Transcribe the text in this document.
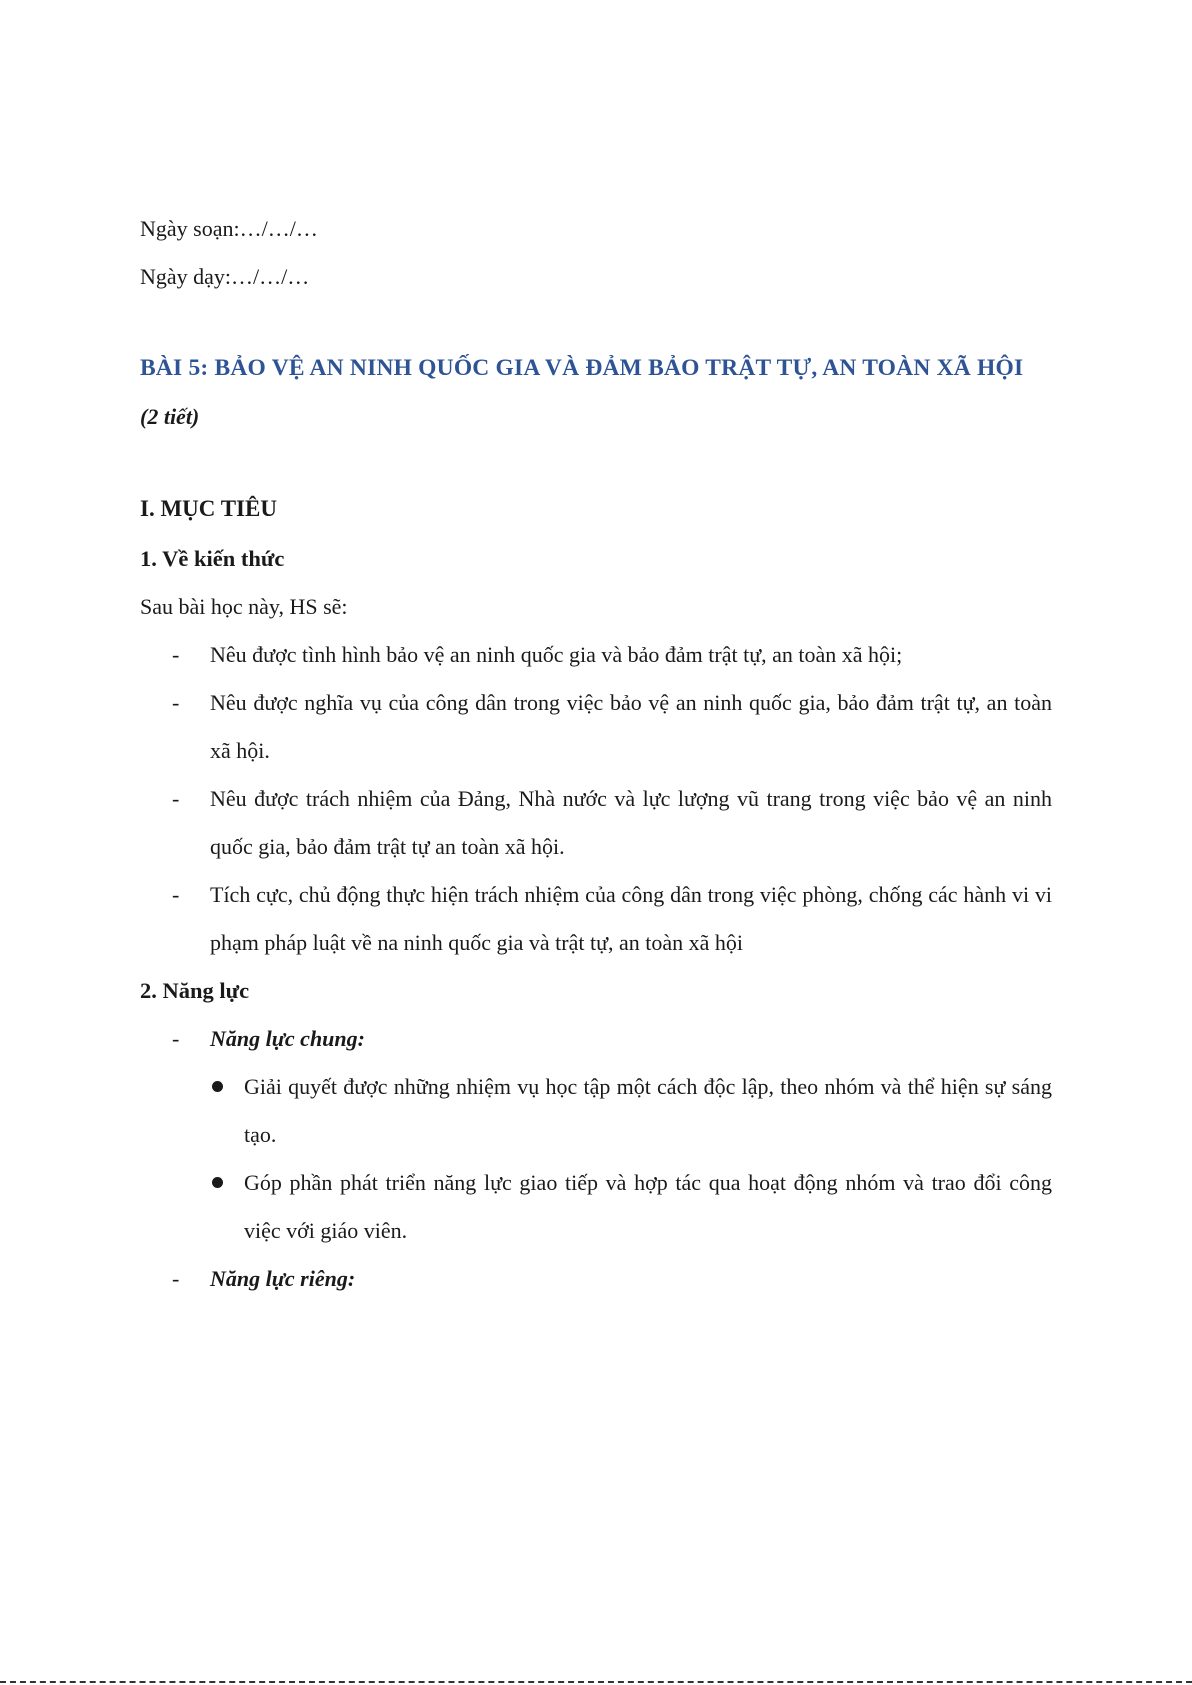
Ngày soạn:…/…/…
Ngày dạy:…/…/…
BÀI 5: BẢO VỆ AN NINH QUỐC GIA VÀ ĐẢM BẢO TRẬT TỰ, AN TOÀN XÃ HỘI
(2 tiết)
I. MỤC TIÊU
1. Về kiến thức
Sau bài học này, HS sẽ:
- Nêu được tình hình bảo vệ an ninh quốc gia và bảo đảm trật tự, an toàn xã hội;
- Nêu được nghĩa vụ của công dân trong việc bảo vệ an ninh quốc gia, bảo đảm trật tự, an toàn xã hội.
- Nêu được trách nhiệm của Đảng, Nhà nước và lực lượng vũ trang trong việc bảo vệ an ninh quốc gia, bảo đảm trật tự an toàn xã hội.
- Tích cực, chủ động thực hiện trách nhiệm của công dân trong việc phòng, chống các hành vi vi phạm pháp luật về na ninh quốc gia và trật tự, an toàn xã hội
2. Năng lực
- Năng lực chung:
Giải quyết được những nhiệm vụ học tập một cách độc lập, theo nhóm và thể hiện sự sáng tạo.
Góp phần phát triển năng lực giao tiếp và hợp tác qua hoạt động nhóm và trao đổi công việc với giáo viên.
- Năng lực riêng:
